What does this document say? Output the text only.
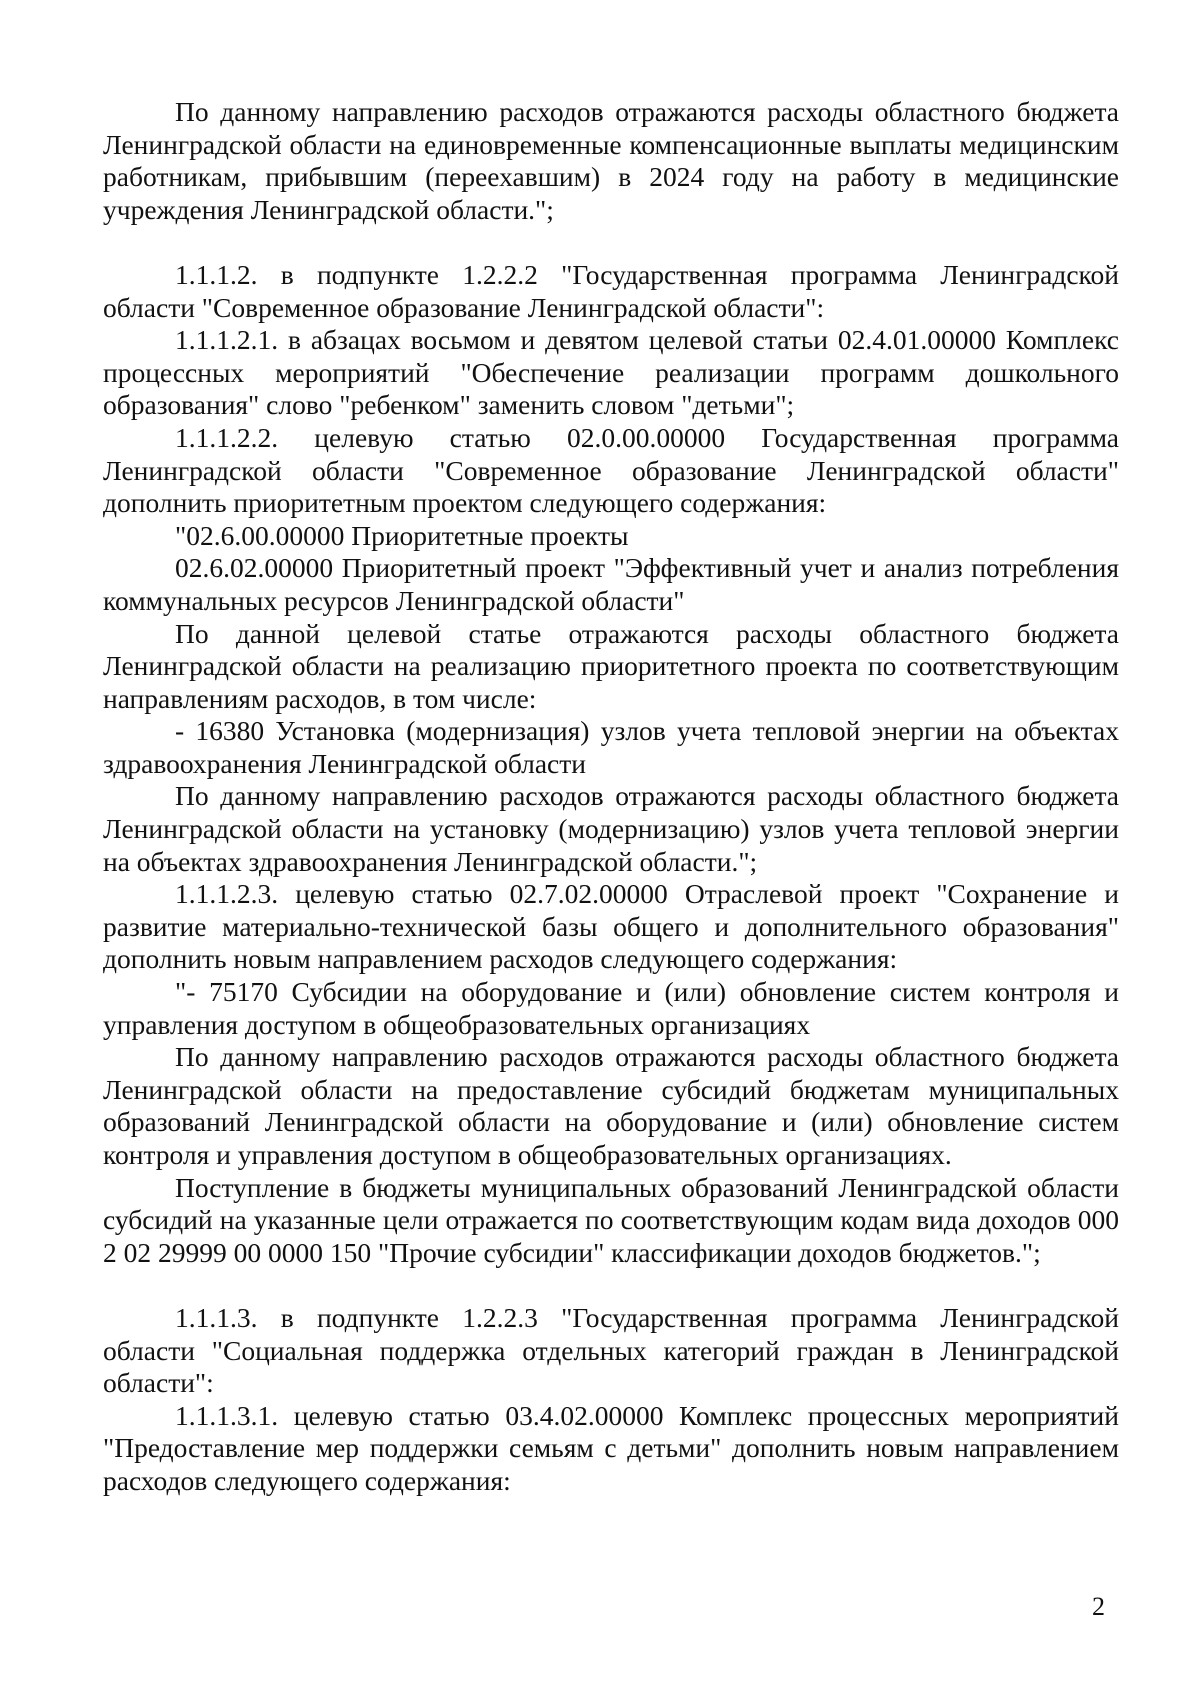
По данному направлению расходов отражаются расходы областного бюджета Ленинградской области на единовременные компенсационные выплаты медицинским работникам, прибывшим (переехавшим) в 2024 году на работу в медицинские учреждения Ленинградской области.";

1.1.1.2. в подпункте 1.2.2.2 "Государственная программа Ленинградской области "Современное образование Ленинградской области":

1.1.1.2.1. в абзацах восьмом и девятом целевой статьи 02.4.01.00000 Комплекс процессных мероприятий "Обеспечение реализации программ дошкольного образования" слово "ребенком" заменить словом "детьми";

1.1.1.2.2. целевую статью 02.0.00.00000 Государственная программа Ленинградской области "Современное образование Ленинградской области" дополнить приоритетным проектом следующего содержания:

"02.6.00.00000 Приоритетные проекты

02.6.02.00000 Приоритетный проект "Эффективный учет и анализ потребления коммунальных ресурсов Ленинградской области"

По данной целевой статье отражаются расходы областного бюджета Ленинградской области на реализацию приоритетного проекта по соответствующим направлениям расходов, в том числе:

- 16380 Установка (модернизация) узлов учета тепловой энергии на объектах здравоохранения Ленинградской области

По данному направлению расходов отражаются расходы областного бюджета Ленинградской области на установку (модернизацию) узлов учета тепловой энергии на объектах здравоохранения Ленинградской области.";

1.1.1.2.3. целевую статью 02.7.02.00000 Отраслевой проект "Сохранение и развитие материально-технической базы общего и дополнительного образования" дополнить новым направлением расходов следующего содержания:

"- 75170 Субсидии на оборудование и (или) обновление систем контроля и управления доступом в общеобразовательных организациях

По данному направлению расходов отражаются расходы областного бюджета Ленинградской области на предоставление субсидий бюджетам муниципальных образований Ленинградской области на оборудование и (или) обновление систем контроля и управления доступом в общеобразовательных организациях.

Поступление в бюджеты муниципальных образований Ленинградской области субсидий на указанные цели отражается по соответствующим кодам вида доходов 000 2 02 29999 00 0000 150 "Прочие субсидии" классификации доходов бюджетов.";

1.1.1.3. в подпункте 1.2.2.3 "Государственная программа Ленинградской области "Социальная поддержка отдельных категорий граждан в Ленинградской области":

1.1.1.3.1. целевую статью 03.4.02.00000 Комплекс процессных мероприятий "Предоставление мер поддержки семьям с детьми" дополнить новым направлением расходов следующего содержания:

2
